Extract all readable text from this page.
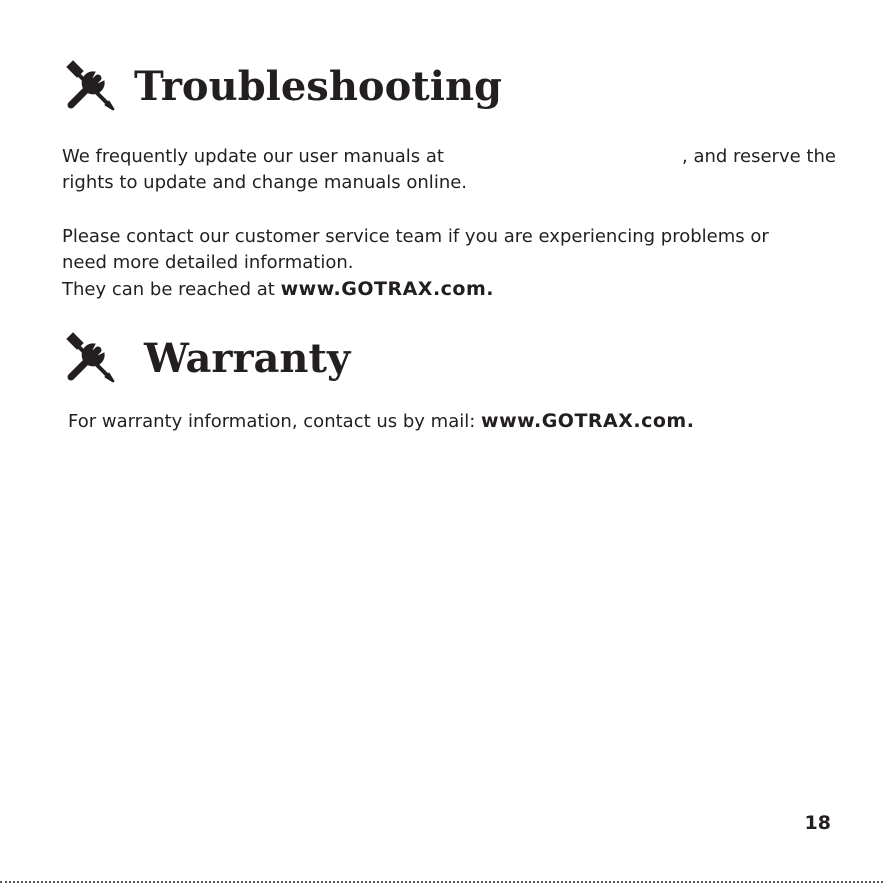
Troubleshooting

We frequently update our user manuals at	, and reserve the

rights to update and change manuals online.

Please contact our customer service team if you are experiencing problems or
need more detailed information.
They can be reached at www.GOTRAX.com.

Warranty

For warranty information, contact us by mail: www.GOTRAX.com.

18
